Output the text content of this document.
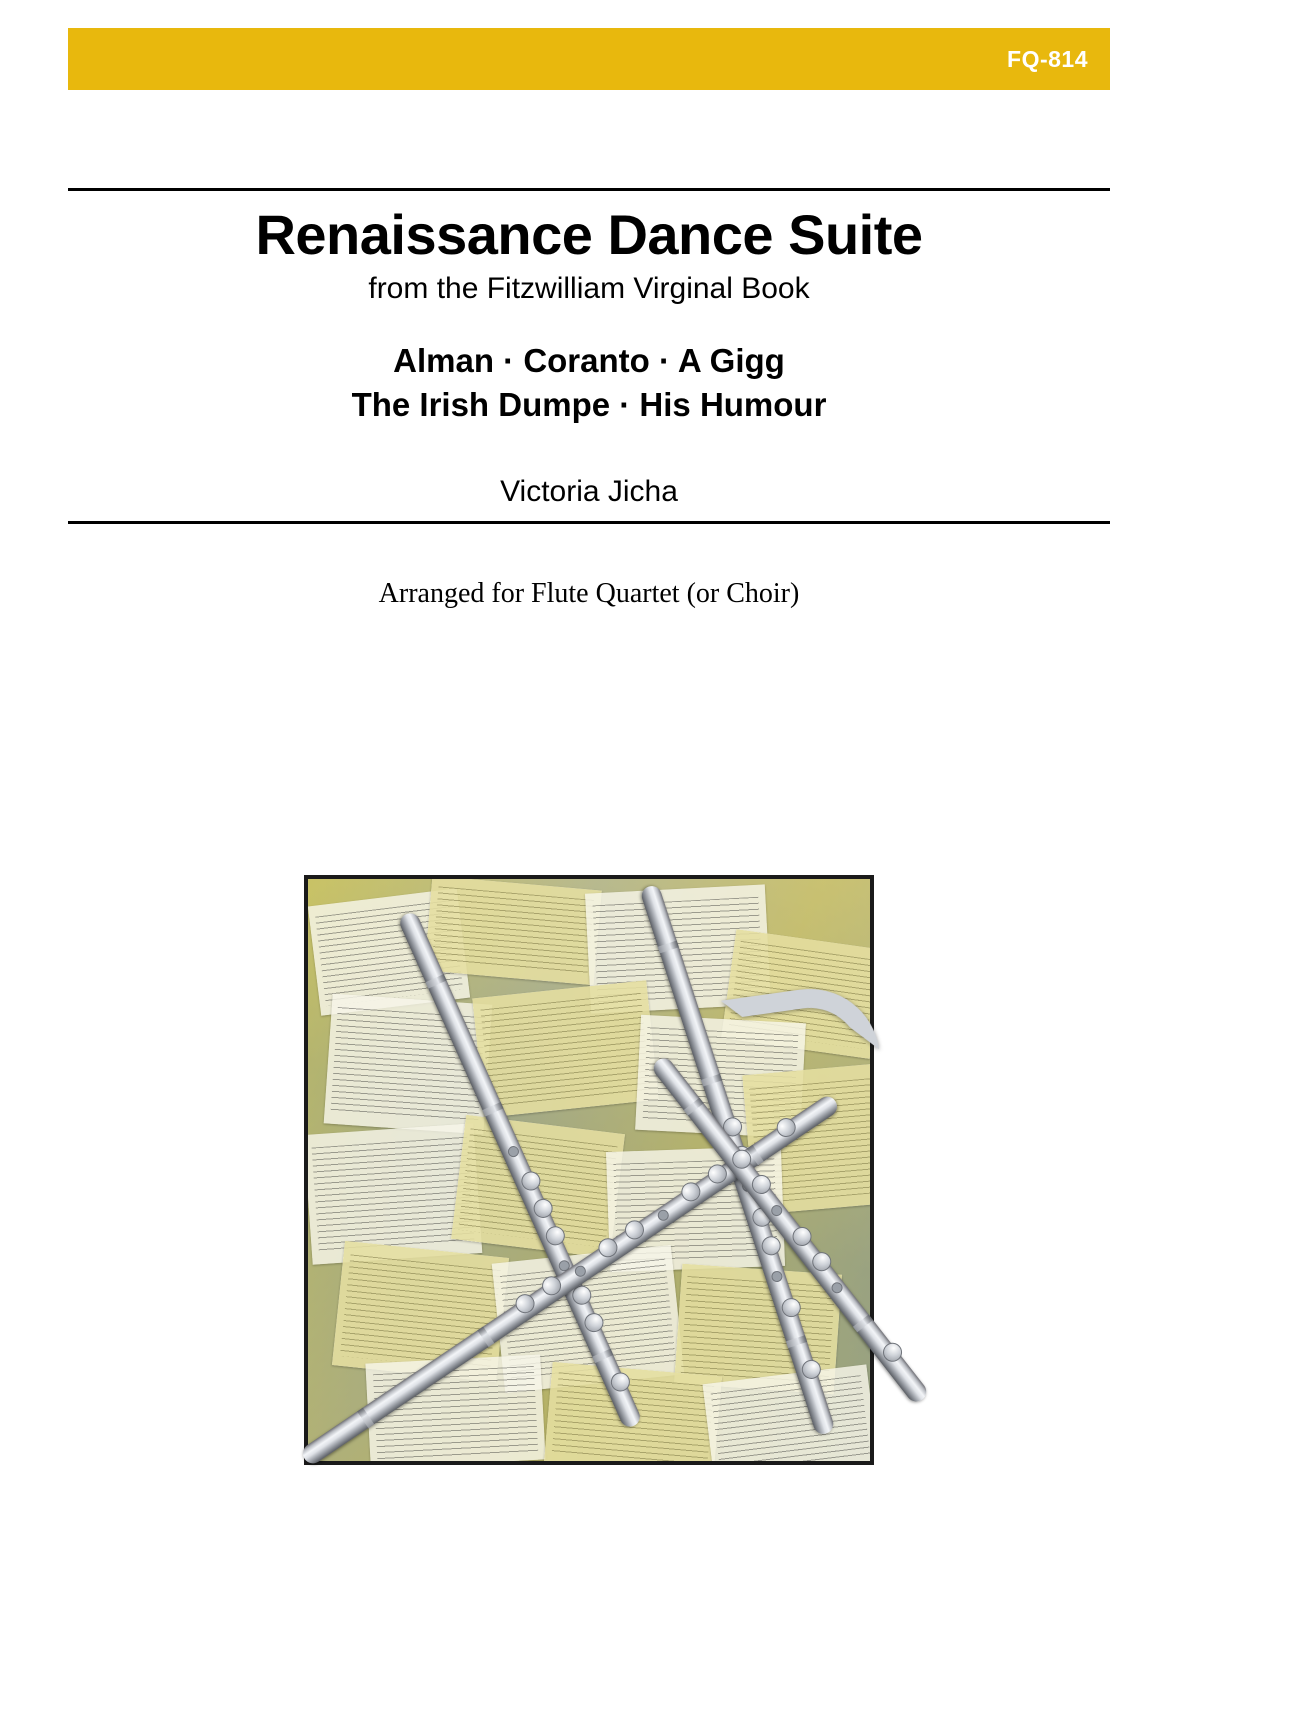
FQ-814
Renaissance Dance Suite
from the Fitzwilliam Virginal Book
Alman · Coranto · A Gigg
The Irish Dumpe · His Humour
Victoria Jicha
Arranged for Flute Quartet (or Choir)
